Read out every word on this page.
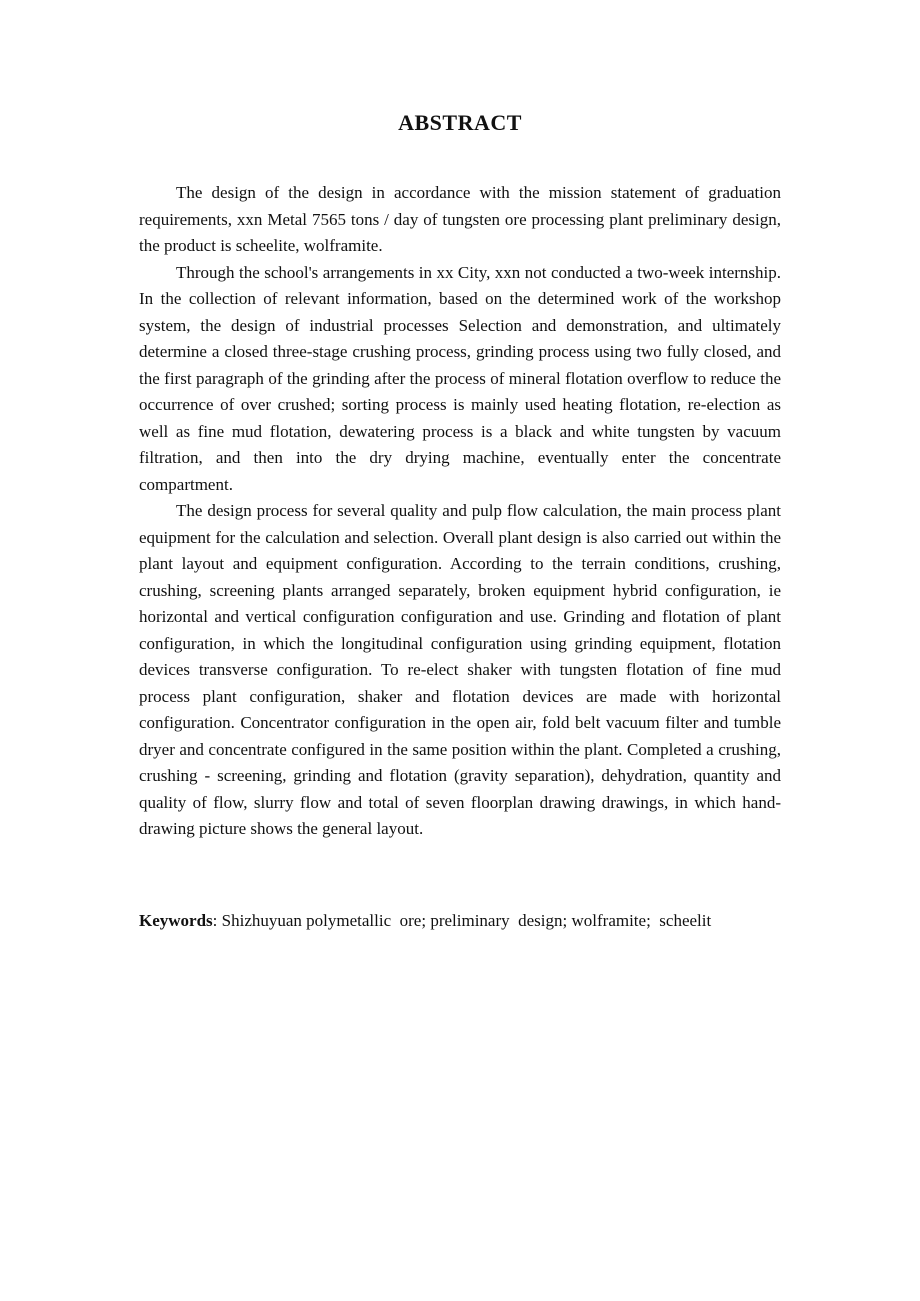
ABSTRACT

The design of the design in accordance with the mission statement of graduation requirements, xxn Metal 7565 tons / day of tungsten ore processing plant preliminary design, the product is scheelite, wolframite.

Through the school's arrangements in xx City, xxn not conducted a two-week internship. In the collection of relevant information, based on the determined work of the workshop system, the design of industrial processes Selection and demonstration, and ultimately determine a closed three-stage crushing process, grinding process using two fully closed, and the first paragraph of the grinding after the process of mineral flotation overflow to reduce the occurrence of over crushed; sorting process is mainly used heating flotation, re-election as well as fine mud flotation, dewatering process is a black and white tungsten by vacuum filtration, and then into the dry drying machine, eventually enter the concentrate compartment.

The design process for several quality and pulp flow calculation, the main process plant equipment for the calculation and selection. Overall plant design is also carried out within the plant layout and equipment configuration. According to the terrain conditions, crushing, crushing, screening plants arranged separately, broken equipment hybrid configuration, ie horizontal and vertical configuration configuration and use. Grinding and flotation of plant configuration, in which the longitudinal configuration using grinding equipment, flotation devices transverse configuration. To re-elect shaker with tungsten flotation of fine mud process plant configuration, shaker and flotation devices are made with horizontal configuration. Concentrator configuration in the open air, fold belt vacuum filter and tumble dryer and concentrate configured in the same position within the plant. Completed a crushing, crushing - screening, grinding and flotation (gravity separation), dehydration, quantity and quality of flow, slurry flow and total of seven floorplan drawing drawings, in which hand-drawing picture shows the general layout.

Keywords: Shizhuyuan polymetallic  ore; preliminary  design; wolframite;  scheelit
